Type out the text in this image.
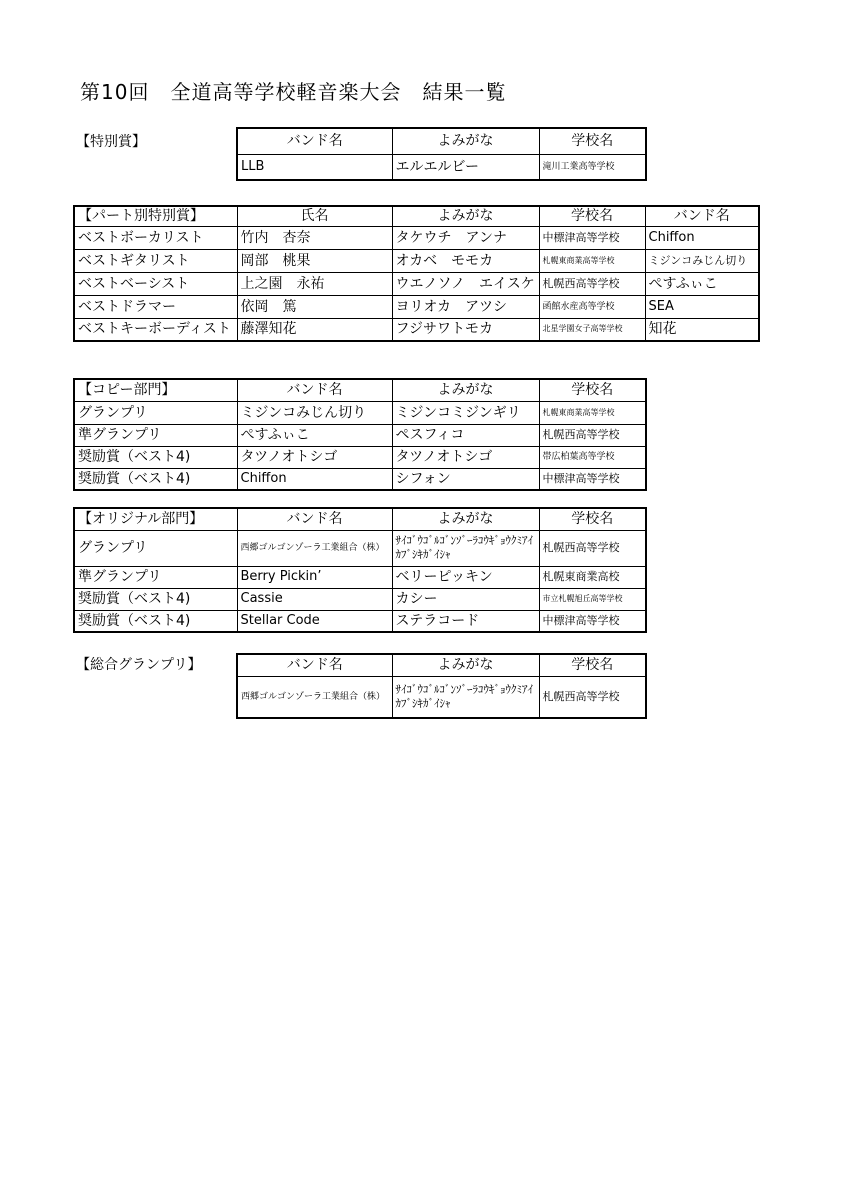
第10回　全道高等学校軽音楽大会　結果一覧
【特別賞】	バンド名	よみがな	学校名
LLB	エルエルビー	滝川工業高等学校
【パート別特別賞】	氏名	よみがな	学校名	バンド名
ベストボーカリスト	竹内　杏奈	タケウチ　アンナ	中標津高等学校	Chiffon
ベストギタリスト	岡部　桃果	オカベ　モモカ	札幌東商業高等学校	ミジンコみじん切り
ベストベーシスト	上之園　永祐	ウエノソノ　エイスケ	札幌西高等学校	ぺすふぃこ
ベストドラマー	依岡　篤	ヨリオカ　アツシ	函館水産高等学校	SEA
ベストキーボーディスト	藤澤知花	フジサワトモカ	北星学園女子高等学校	知花
【コピー部門】	バンド名	よみがな	学校名
グランプリ	ミジンコみじん切り	ミジンコミジンギリ	札幌東商業高等学校
準グランプリ	ぺすふぃこ	ペスフィコ	札幌西高等学校
奨励賞（ベスト4)	タツノオトシゴ	タツノオトシゴ	帯広柏葉高等学校
奨励賞（ベスト4)	Chiffon	シフォン	中標津高等学校
【オリジナル部門】	バンド名	よみがな	学校名
グランプリ	西郷ゴルゴンゾーラ工業組合（株）	ｻｲｺﾞｳｺﾞﾙｺﾞﾝｿﾞｰﾗｺｳｷﾞｮｳｸﾐｱｲｶﾌﾞｼｷｶﾞｲｼｬ	札幌西高等学校
準グランプリ	Berry Pickin’	ベリーピッキン	札幌東商業高校
奨励賞（ベスト4)	Cassie	カシー	市立札幌旭丘高等学校
奨励賞（ベスト4)	Stellar Code	ステラコード	中標津高等学校
【総合グランプリ】	バンド名	よみがな	学校名
西郷ゴルゴンゾーラ工業組合（株）	ｻｲｺﾞｳｺﾞﾙｺﾞﾝｿﾞｰﾗｺｳｷﾞｮｳｸﾐｱｲｶﾌﾞｼｷｶﾞｲｼｬ	札幌西高等学校
